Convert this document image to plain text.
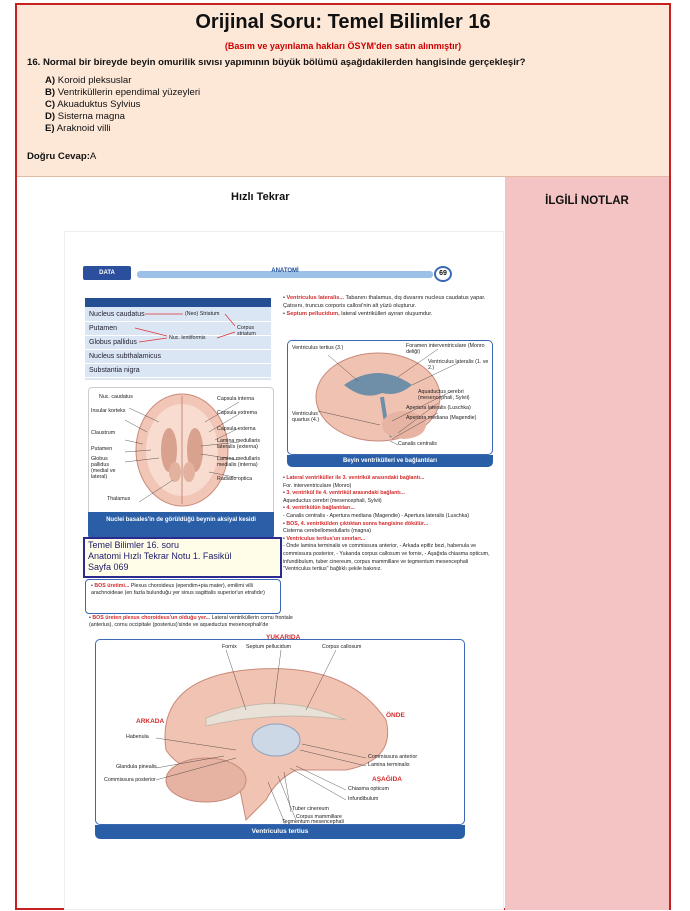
Orijinal Soru: Temel Bilimler 16
(Basım ve yayınlama hakları ÖSYM'den satın alınmıştır)
16. Normal bir bireyde beyin omurilik sıvısı yapımının büyük bölümü aşağıdakilerden hangisinde gerçekleşir?
A) Koroid pleksuslar
B) Ventriküllerin ependimal yüzeyleri
C) Akuaduktus Sylvius
D) Sisterna magna
E) Araknoid villi
Doğru Cevap:A
Hızlı Tekrar	İLGİLİ NOTLAR
DATA	ANATOMİ	69
Nucleus caudatus
Putamen
Globus pallidus
Nucleus subthalamicus
Substantia nigra
(Neo) Striatum
Nuc. lentiformis
Corpus striatum
Nuc. caudatus
Insular korteks
Claustrum
Putamen
Globus pallidus (medial ve lateral)
Thalamus
Capsula interna
Capsula extrema
Capsula externa
Lamina medullaris lateralis (externa)
Lamina medullaris medialis (interna)
Radiatio optica
Nuclei basales'in de görüldüğü beynin aksiyal kesidi
• Ventriculus lateralis... Tabanını thalamus, dış duvarını nucleus caudatus yapar. Çatısını, truncus corporis callosi'nin alt yüzü oluşturur.
• Septum pellucidum, lateral ventrikülleri ayıran oluşumdur.
Ventriculus tertius (3.)	Foramen interventriculare (Monro deliği)
Ventriculus lateralis (1. ve 2.)
Ventriculus quartus (4.)
Aquaductus cerebri (mesencephali, Sylvii)
Apertura lateralis (Luschka)
Apertura mediana (Magendie)
Canalis centralis
Beyin ventrikülleri ve bağlantıları
• Lateral ventriküller ile 3. ventrikül arasındaki bağlantı...
For. interventriculare (Monro)
• 3. ventrikül ile 4. ventrikül arasındaki bağlantı...
Aqueductus cerebri (mesencephali, Sylvii)
• 4. ventrikülün bağlantıları...
- Canalis centralis - Apertura mediana (Magendie) - Apertura lateralis (Luschka)
• BOS, 4. ventrikülden çıktıktan sonra hangisine dökülür...
Cisterna cerebellomedullaris (magna)
• Ventriculus tertius'un sınırları...
- Önde lamina terminalis ve commissura anterior, - Arkada epifiz bezi, habenula ve commissura posterior, - Yukarıda corpus callosum ve fornix, - Aşağıda chiasma opticum, infundibulum, tuber cinereum, corpus mammillare ve tegmentum mesencephali
"Ventriculus tertius" bağlıklı şekile bakınız.
• BOS üretimi... Plexus choroideus (ependim+pia mater), emilimi villi arachnoideae (en fazla bulunduğu yer sinus sagittalis superior'un etrafıdır)
• BOS üreten plexus choroideus'un olduğu yer... Lateral ventriküllerin cornu frontale (anterius), cornu occipitale (posterius)'sinde ve aqueductus mesencephali'de
Temel Bilimler 16. soru
Anatomi Hızlı Tekrar Notu 1. Fasikül
Sayfa 069
Fornix Septum pellucidum	Corpus callosum
Habenula
Glandula pinealis
Commissura posterior
Commissura anterior
Lamina terminalis
Chiasma opticum
Infundibulum
Tuber cinereum
Corpus mammillare
Tegmentum mesencephali
YUKARIDA
ARKADA
ÖNDE
AŞAĞIDA
Ventriculus tertius
